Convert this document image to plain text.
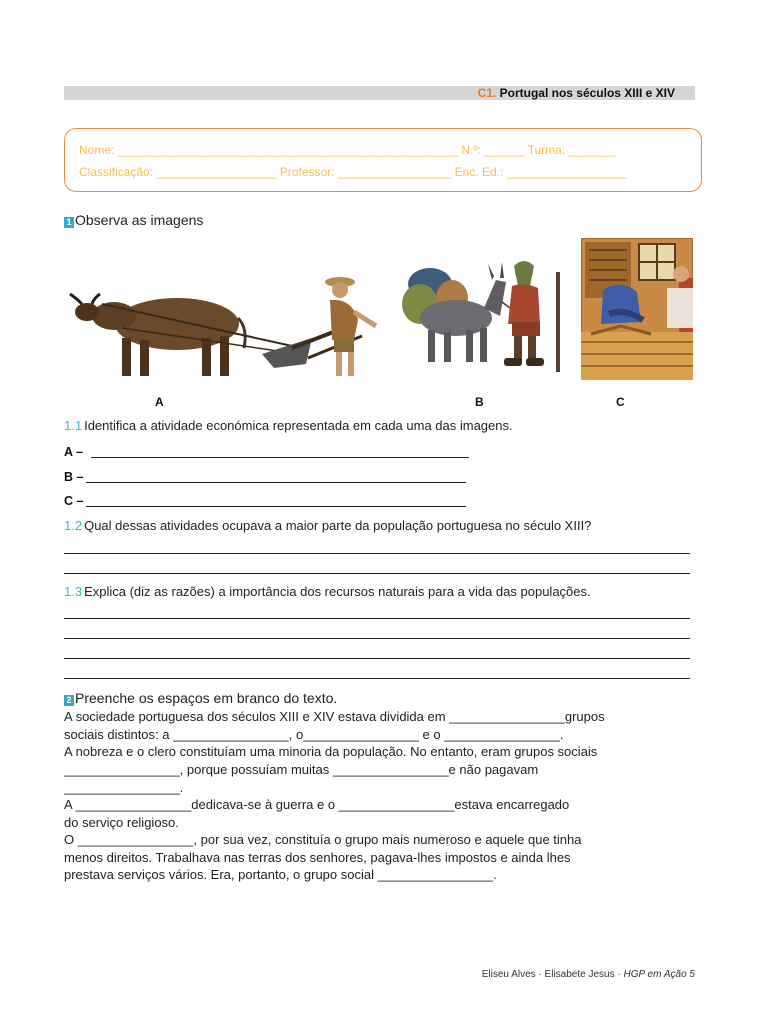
C1. Portugal nos séculos XIII e XIV
Nome: ___________________________________________________ N.º: ______ Turma: _______
Classificação: __________________ Professor: _________________ Enc. Ed.: __________________
1 Observa as imagens
A	B	C
1.1 Identifica a atividade económica representada em cada uma das imagens.
A –
B –
C –
1.2 Qual dessas atividades ocupava a maior parte da população portuguesa no século XIII?
1.3 Explica (diz as razões) a importância dos recursos naturais para a vida das populações.
2 Preenche os espaços em branco do texto.
A sociedade portuguesa dos séculos XIII e XIV estava dividida em ________________grupos
sociais distintos: a ________________, o________________ e o ________________.
A nobreza e o clero constituíam uma minoria da população. No entanto, eram grupos sociais
________________, porque possuíam muitas ________________e não pagavam
________________.
A ________________dedicava-se à guerra e o ________________estava encarregado
do serviço religioso.
O ________________, por sua vez, constituía o grupo mais numeroso e aquele que tinha
menos direitos. Trabalhava nas terras dos senhores, pagava-lhes impostos e ainda lhes
prestava serviços vários. Era, portanto, o grupo social ________________.
Eliseu Alves · Elisabete Jesus · HGP em Ação 5
